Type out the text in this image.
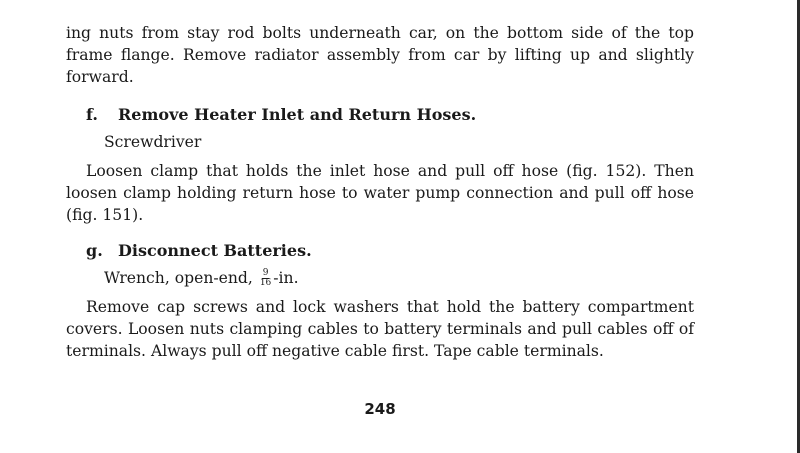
ing nuts from stay rod bolts underneath car, on the bottom side of the top frame flange. Remove radiator assembly from car by lifting up and slightly forward.

f. Remove Heater Inlet and Return Hoses.

Screwdriver

Loosen clamp that holds the inlet hose and pull off hose (fig. 152). Then loosen clamp holding return hose to water pump connection and pull off hose (fig. 151).

g. Disconnect Batteries.

Wrench, open-end, $\frac{9}{16} -in$.

Remove cap screws and lock washers that hold the battery compartment covers. Loosen nuts clamping cables to battery terminals and pull cables off of terminals. Always pull off negative cable first. Tape cable terminals.

248
